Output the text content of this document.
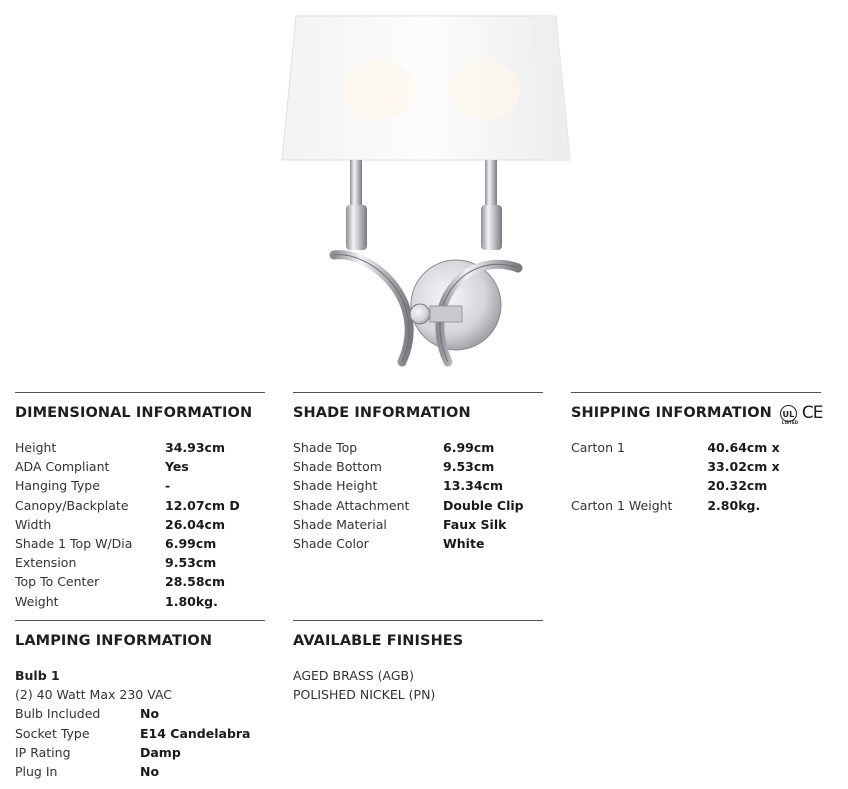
DIMENSIONAL INFORMATION
Height	34.93cm
ADA Compliant	Yes
Hanging Type	-
Canopy/Backplate	12.07cm D
Width	26.04cm
Shade 1 Top W/Dia	6.99cm
Extension	9.53cm
Top To Center	28.58cm
Weight	1.80kg.
SHADE INFORMATION
Shade Top	6.99cm
Shade Bottom	9.53cm
Shade Height	13.34cm
Shade Attachment	Double Clip
Shade Material	Faux Silk
Shade Color	White
SHIPPING INFORMATION	UL
LISTED CE
Carton 1	40.64cm x 33.02cm x 20.32cm
Carton 1 Weight	2.80kg.
LAMPING INFORMATION
Bulb 1
(2) 40 Watt Max 230 VAC
Bulb Included	No
Socket Type	E14 Candelabra
IP Rating	Damp
Plug In	No
AVAILABLE FINISHES
AGED BRASS (AGB)
POLISHED NICKEL (PN)
